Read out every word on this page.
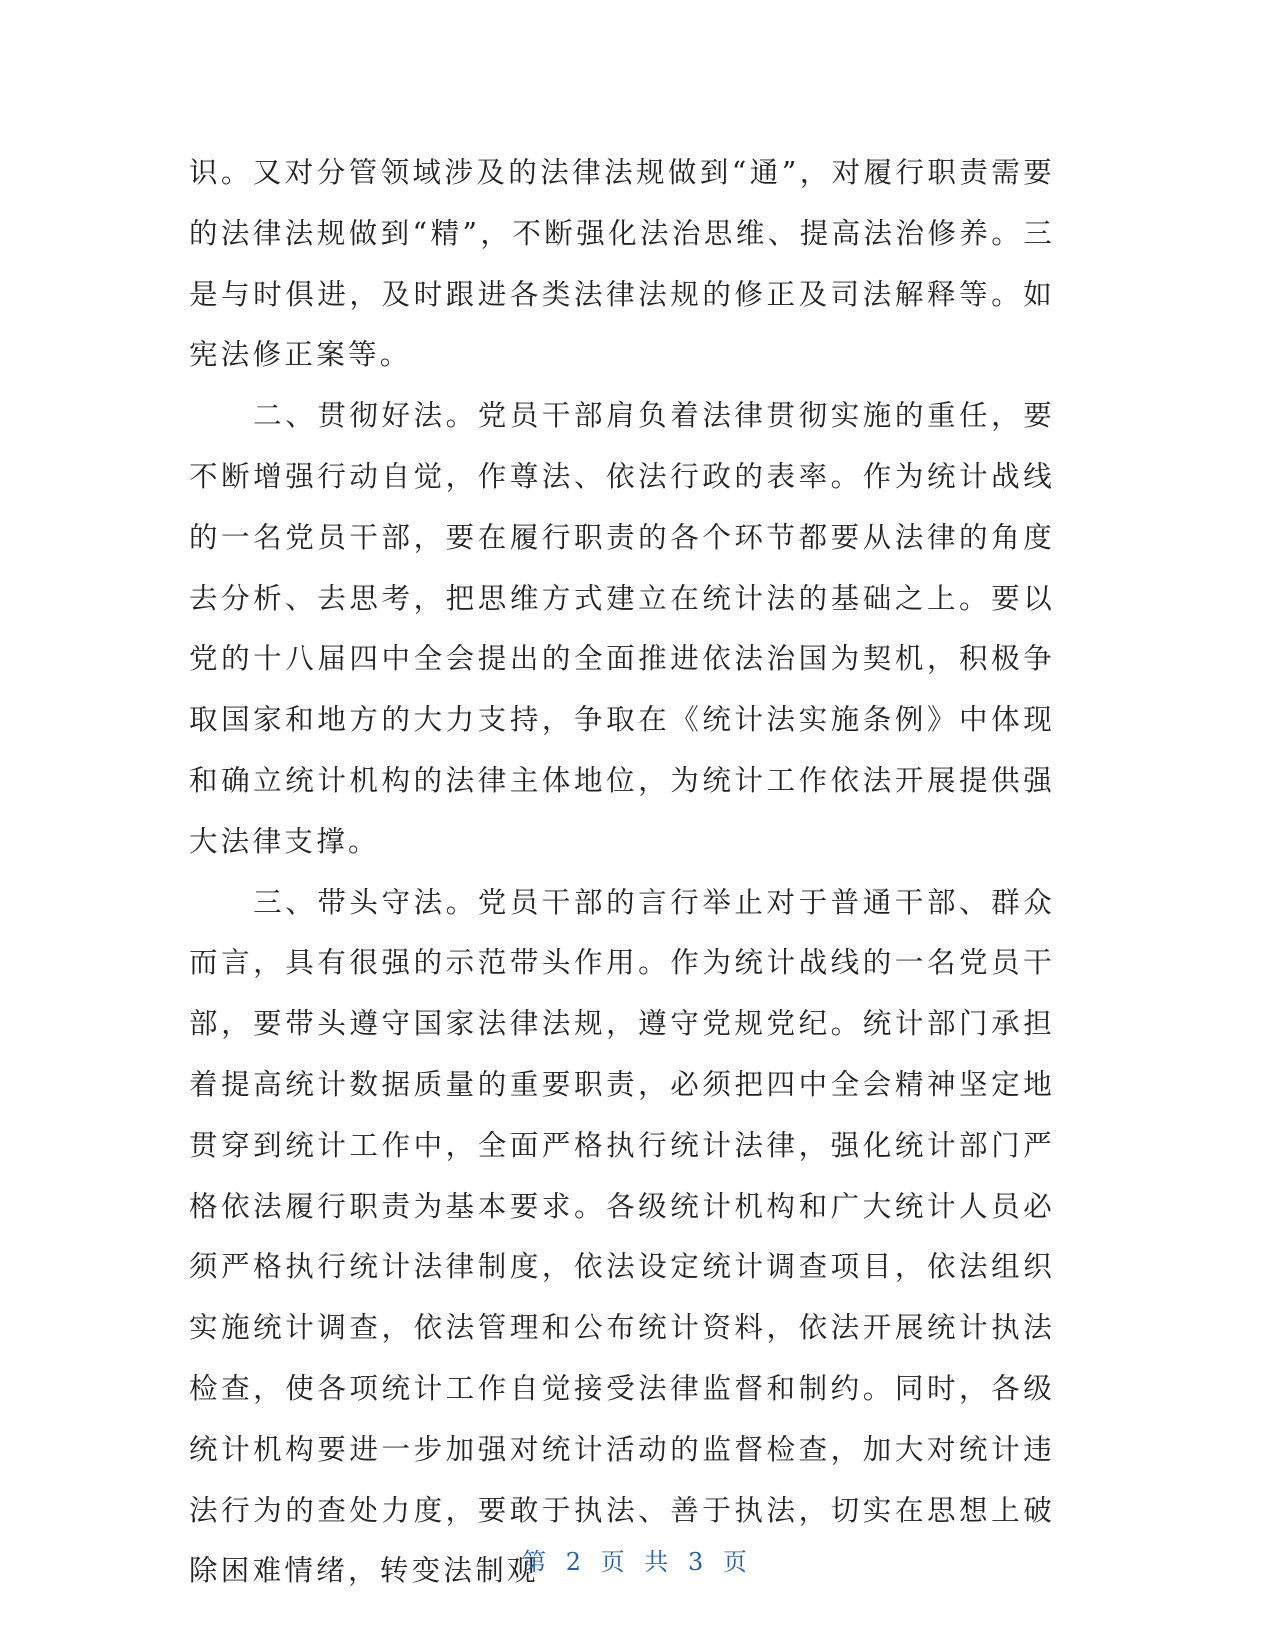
识。又对分管领域涉及的法律法规做到“通”，对履行职责需要的法律法规做到“精”，不断强化法治思维、提高法治修养。三是与时俱进，及时跟进各类法律法规的修正及司法解释等。如宪法修正案等。

　　二、贯彻好法。党员干部肩负着法律贯彻实施的重任，要不断增强行动自觉，作尊法、依法行政的表率。作为统计战线的一名党员干部，要在履行职责的各个环节都要从法律的角度去分析、去思考，把思维方式建立在统计法的基础之上。要以党的十八届四中全会提出的全面推进依法治国为契机，积极争取国家和地方的大力支持，争取在《统计法实施条例》中体现和确立统计机构的法律主体地位，为统计工作依法开展提供强大法律支撑。

　　三、带头守法。党员干部的言行举止对于普通干部、群众而言，具有很强的示范带头作用。作为统计战线的一名党员干部，要带头遵守国家法律法规，遵守党规党纪。统计部门承担着提高统计数据质量的重要职责，必须把四中全会精神坚定地贯穿到统计工作中，全面严格执行统计法律，强化统计部门严格依法履行职责为基本要求。各级统计机构和广大统计人员必须严格执行统计法律制度，依法设定统计调查项目，依法组织实施统计调查，依法管理和公布统计资料，依法开展统计执法检查，使各项统计工作自觉接受法律监督和制约。同时，各级统计机构要进一步加强对统计活动的监督检查，加大对统计违法行为的查处力度，要敢于执法、善于执法，切实在思想上破除困难情绪，转变法制观

第 2 页 共 3 页
